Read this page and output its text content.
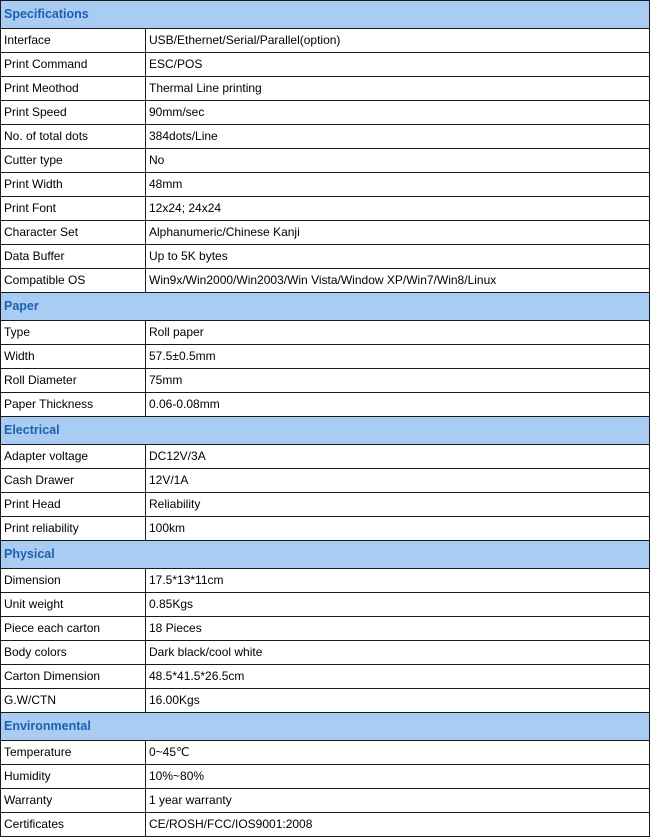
Specifications	
Interface	USB/Ethernet/Serial/Parallel(option)
Print Command	ESC/POS
Print Meothod	Thermal Line printing
Print Speed	90mm/sec
No. of total dots	384dots/Line
Cutter type	No
Print Width	48mm
Print Font	12x24; 24x24
Character Set	Alphanumeric/Chinese Kanji
Data Buffer	Up to 5K bytes
Compatible OS	Win9x/Win2000/Win2003/Win Vista/Window XP/Win7/Win8/Linux
Paper	
Type	Roll paper
Width	57.5±0.5mm
Roll Diameter	75mm
Paper Thickness	0.06-0.08mm
Electrical	
Adapter voltage	DC12V/3A
Cash Drawer	12V/1A
Print Head	Reliability
Print reliability	100km
Physical	
Dimension	17.5*13*11cm
Unit weight	0.85Kgs
Piece each carton	18 Pieces
Body colors	Dark black/cool white
Carton Dimension	48.5*41.5*26.5cm
G.W/CTN	16.00Kgs
Environmental	
Temperature	0~45℃
Humidity	10%~80%
Warranty	1 year warranty
Certificates	CE/ROSH/FCC/IOS9001:2008
